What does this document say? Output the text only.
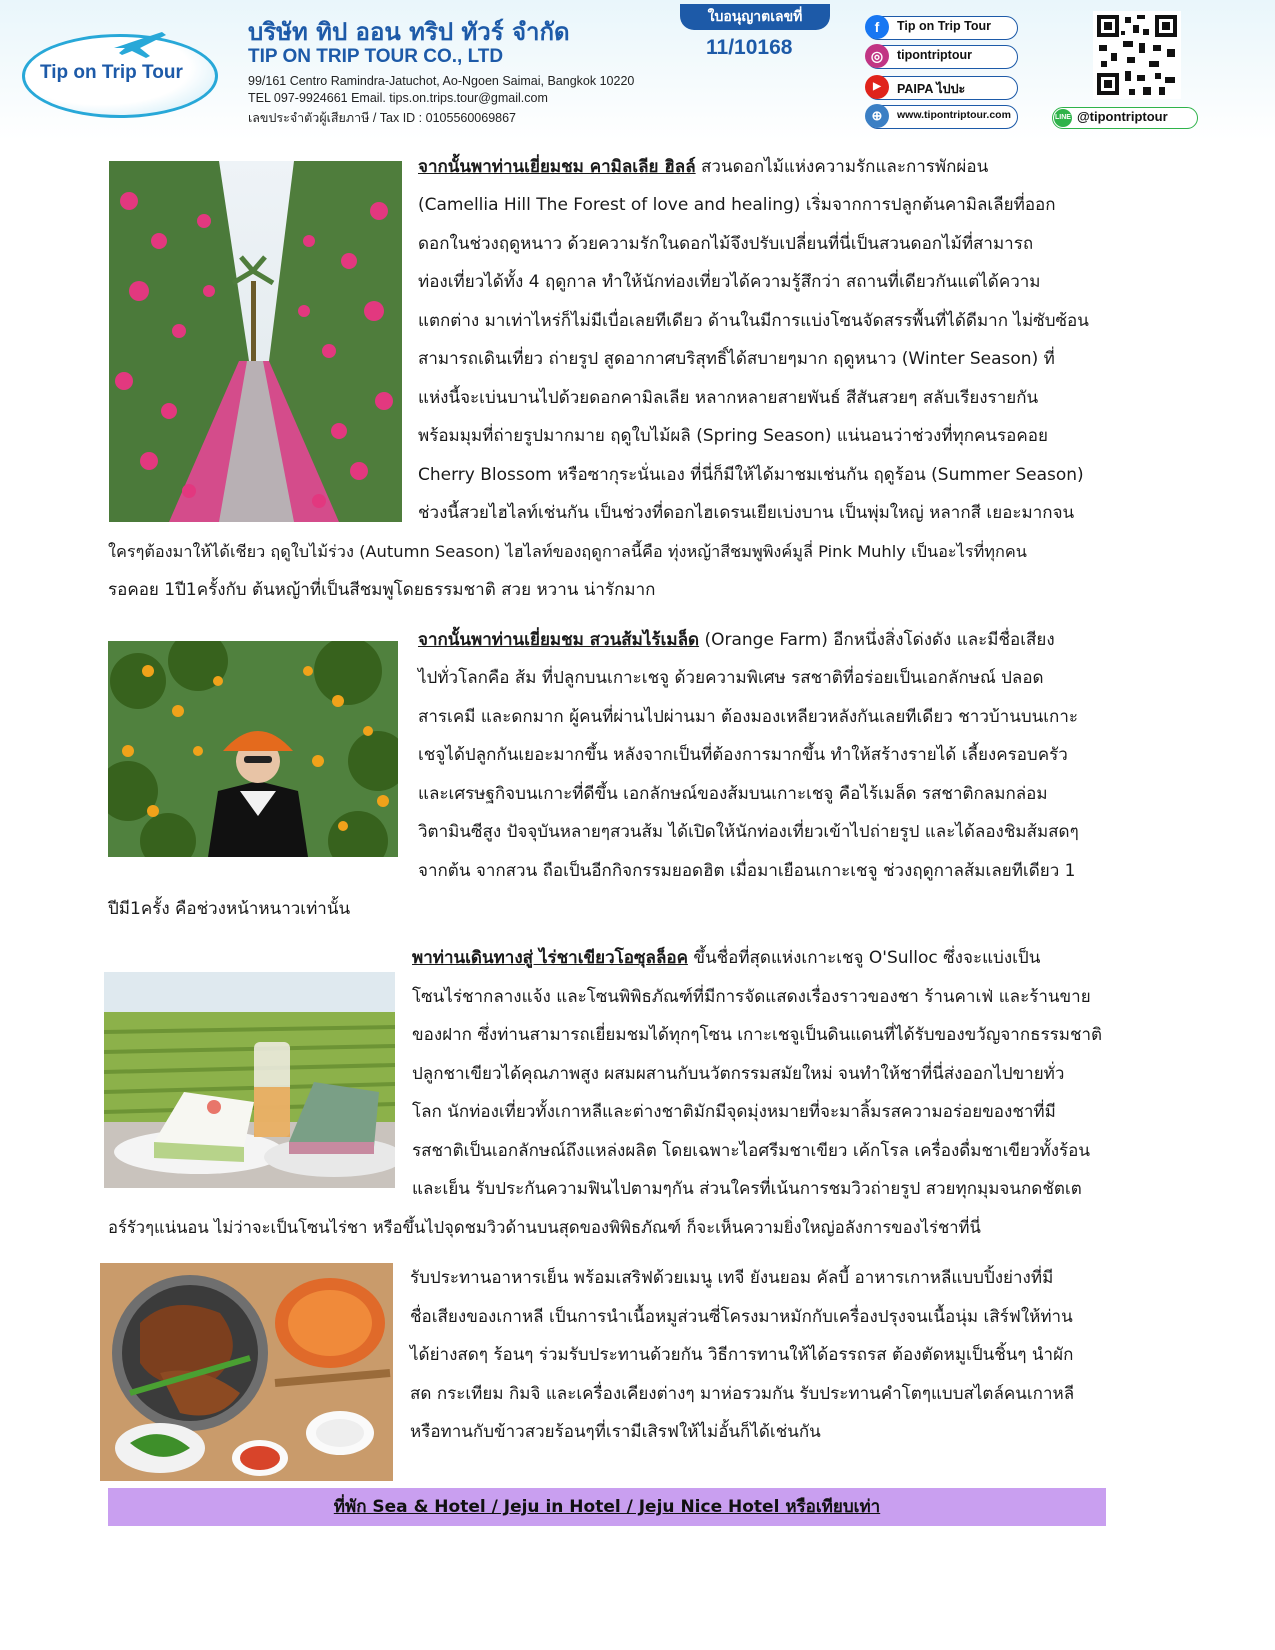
Tip on Trip Tour
บริษัท ทิป ออน ทริป ทัวร์ จำกัด
TIP ON TRIP TOUR CO., LTD
99/161 Centro Ramindra-Jatuchot, Ao-Ngoen Saimai, Bangkok 10220
TEL 097-9924661 Email. tips.on.trips.tour@gmail.com
เลขประจำตัวผู้เสียภาษี / Tax ID : 0105560069867
ใบอนุญาตเลขที่
11/10168
f	Tip on Trip Tour
◎	tipontriptour
▶	PAIPA ไปปะ
⊕	www.tipontriptour.com	LINE @tipontriptour
จากนั้นพาท่านเยี่ยมชม คามิลเลีย ฮิลล์ สวนดอกไม้แห่งความรักและการพักผ่อน
(Camellia Hill The Forest of love and healing) เริ่มจากการปลูกต้นคามิลเลียที่ออก
ดอกในช่วงฤดูหนาว ด้วยความรักในดอกไม้จึงปรับเปลี่ยนที่นี่เป็นสวนดอกไม้ที่สามารถ
ท่องเที่ยวได้ทั้ง 4 ฤดูกาล ทำให้นักท่องเที่ยวได้ความรู้สึกว่า สถานที่เดียวกันแต่ได้ความ
แตกต่าง มาเท่าไหร่ก็ไม่มีเบื่อเลยทีเดียว ด้านในมีการแบ่งโซนจัดสรรพื้นที่ได้ดีมาก ไม่ซับซ้อน
สามารถเดินเที่ยว ถ่ายรูป สูดอากาศบริสุทธิ์ได้สบายๆมาก ฤดูหนาว (Winter Season) ที่
แห่งนี้จะเบ่นบานไปด้วยดอกคามิลเลีย หลากหลายสายพันธ์ สีสันสวยๆ สลับเรียงรายกัน
พร้อมมุมที่ถ่ายรูปมากมาย ฤดูใบไม้ผลิ (Spring Season) แน่นอนว่าช่วงที่ทุกคนรอคอย
Cherry Blossom หรือซากุระนั่นเอง ที่นี่ก็มีให้ได้มาชมเช่นกัน ฤดูร้อน (Summer Season)
ช่วงนี้สวยไฮไลท์เช่นกัน เป็นช่วงที่ดอกไฮเดรนเยียเบ่งบาน เป็นพุ่มใหญ่ หลากสี เยอะมากจน
ใครๆต้องมาให้ได้เชียว ฤดูใบไม้ร่วง (Autumn Season) ไฮไลท์ของฤดูกาลนี้คือ ทุ่งหญ้าสีชมพูพิงค์มูลี่ Pink Muhly เป็นอะไรที่ทุกคน
รอคอย 1ปี1ครั้งกับ ต้นหญ้าที่เป็นสีชมพูโดยธรรมชาติ สวย หวาน น่ารักมาก
จากนั้นพาท่านเยี่ยมชม สวนส้มไร้เมล็ด (Orange Farm) อีกหนึ่งสิ่งโด่งดัง และมีชื่อเสียง
ไปทั่วโลกคือ ส้ม ที่ปลูกบนเกาะเชจู ด้วยความพิเศษ รสชาติที่อร่อยเป็นเอกลักษณ์ ปลอด
สารเคมี และดกมาก ผู้คนที่ผ่านไปผ่านมา ต้องมองเหลียวหลังกันเลยทีเดียว ชาวบ้านบนเกาะ
เชจูได้ปลูกกันเยอะมากขึ้น หลังจากเป็นที่ต้องการมากขึ้น ทำให้สร้างรายได้ เลี้ยงครอบครัว
และเศรษฐกิจบนเกาะที่ดีขึ้น เอกลักษณ์ของส้มบนเกาะเชจู คือไร้เมล็ด รสชาติกลมกล่อม
วิตามินซีสูง ปัจจุบันหลายๆสวนส้ม ได้เปิดให้นักท่องเที่ยวเข้าไปถ่ายรูป และได้ลองชิมส้มสดๆ
จากต้น จากสวน ถือเป็นอีกกิจกรรมยอดฮิต เมื่อมาเยือนเกาะเชจู ช่วงฤดูกาลส้มเลยทีเดียว 1
ปีมี1ครั้ง คือช่วงหน้าหนาวเท่านั้น
พาท่านเดินทางสู่ ไร่ชาเขียวโอซุลล็อค ขึ้นชื่อที่สุดแห่งเกาะเชจู O'Sulloc ซึ่งจะแบ่งเป็น
โซนไร่ชากลางแจ้ง และโซนพิพิธภัณฑ์ที่มีการจัดแสดงเรื่องราวของชา ร้านคาเฟ่ และร้านขาย
ของฝาก ซึ่งท่านสามารถเยี่ยมชมได้ทุกๆโซน เกาะเชจูเป็นดินแดนที่ได้รับของขวัญจากธรรมชาติ
ปลูกชาเขียวได้คุณภาพสูง ผสมผสานกับนวัตกรรมสมัยใหม่ จนทำให้ชาที่นี่ส่งออกไปขายทั่ว
โลก นักท่องเที่ยวทั้งเกาหลีและต่างชาติมักมีจุดมุ่งหมายที่จะมาลิ้มรสความอร่อยของชาที่มี
รสชาติเป็นเอกลักษณ์ถึงแหล่งผลิต โดยเฉพาะไอศรีมชาเขียว เค้กโรล เครื่องดื่มชาเขียวทั้งร้อน
และเย็น รับประกันความฟินไปตามๆกัน ส่วนใครที่เน้นการชมวิวถ่ายรูป สวยทุกมุมจนกดชัตเต
อร์รัวๆแน่นอน ไม่ว่าจะเป็นโซนไร่ชา หรือขึ้นไปจุดชมวิวด้านบนสุดของพิพิธภัณฑ์ ก็จะเห็นความยิ่งใหญ่อลังการของไร่ชาที่นี่
รับประทานอาหารเย็น พร้อมเสริฟด้วยเมนู เทจี ยังนยอม คัลบี้ อาหารเกาหลีแบบปิ้งย่างที่มี
ชื่อเสียงของเกาหลี เป็นการนำเนื้อหมูส่วนซี่โครงมาหมักกับเครื่องปรุงจนเนื้อนุ่ม เสิร์ฟให้ท่าน
ได้ย่างสดๆ ร้อนๆ ร่วมรับประทานด้วยกัน วิธีการทานให้ได้อรรถรส ต้องตัดหมูเป็นชิ้นๆ นำผัก
สด กระเทียม กิมจิ และเครื่องเคียงต่างๆ มาห่อรวมกัน รับประทานคำโตๆแบบสไตล์คนเกาหลี
หรือทานกับข้าวสวยร้อนๆที่เรามีเสิรฟให้ไม่อั้นก็ได้เช่นกัน
ที่พัก Sea & Hotel / Jeju in Hotel / Jeju Nice Hotel หรือเทียบเท่า
